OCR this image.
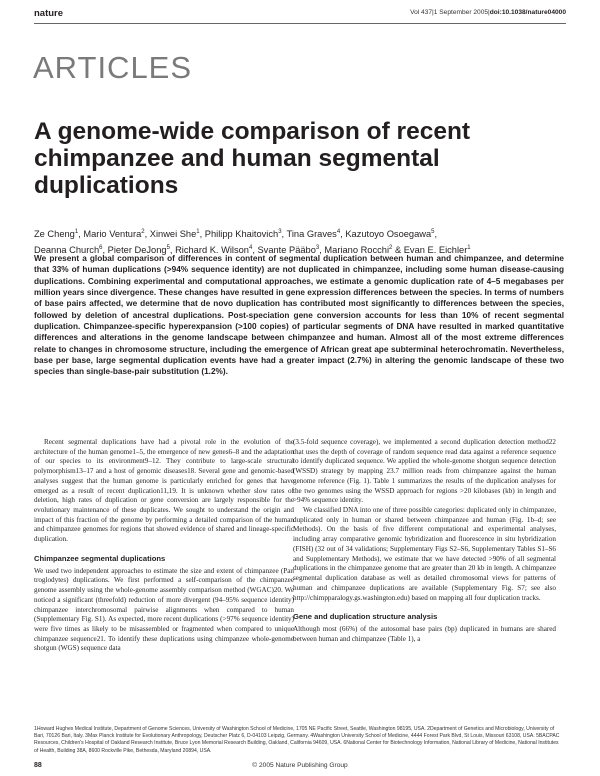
nature	Vol 437|1 September 2005|doi:10.1038/nature04000
ARTICLES
A genome-wide comparison of recent chimpanzee and human segmental duplications
Ze Cheng$^1$, Mario Ventura$^2$, Xinwei She$^1$, Philipp Khaitovich$^3$, Tina Graves$^4$, Kazutoyo Osoegawa$^5$,
Deanna Church$^6$, Pieter DeJong$^5$, Richard K. Wilson$^4$, Svante Pääbo$^3$, Mariano Rocchi$^2$ & Evan E. Eichler$^1$
We present a global comparison of differences in content of segmental duplication between human and chimpanzee, and determine that 33% of human duplications (>94% sequence identity) are not duplicated in chimpanzee, including some human disease-causing duplications. Combining experimental and computational approaches, we estimate a genomic duplication rate of 4–5 megabases per million years since divergence. These changes have resulted in gene expression differences between the species. In terms of numbers of base pairs affected, we determine that de novo duplication has contributed most significantly to differences between the species, followed by deletion of ancestral duplications. Post-speciation gene conversion accounts for less than 10% of recent segmental duplication. Chimpanzee-specific hyperexpansion (>100 copies) of particular segments of DNA have resulted in marked quantitative differences and alterations in the genome landscape between chimpanzee and human. Almost all of the most extreme differences relate to changes in chromosome structure, including the emergence of African great ape subterminal heterochromatin. Nevertheless, base per base, large segmental duplication events have had a greater impact (2.7%) in altering the genomic landscape of these two species than single-base-pair substitution (1.2%).

Recent segmental duplications have had a pivotal role in the evolution of the architecture of the human genome1–5, the emergence of new genes6–8 and the adaptation of our species to its environment9–12. They contribute to large-scale structural polymorphism13–17 and a host of genomic diseases18. Several gene and genomic-based analyses suggest that the human genome is particularly enriched for genes that have emerged as a result of recent duplication11,19. It is unknown whether slow rates of deletion, high rates of duplication or gene conversion are largely responsible for the evolutionary maintenance of these duplicates. We sought to understand the origin and impact of this fraction of the genome by performing a detailed comparison of the human and chimpanzee genomes for regions that showed evidence of shared and lineage-specific duplication.

Chimpanzee segmental duplications

We used two independent approaches to estimate the size and extent of chimpanzee (Pan troglodytes) duplications. We first performed a self-comparison of the chimpanzee genome assembly using the whole-genome assembly comparison method (WGAC)20. We noticed a significant (threefold) reduction of more divergent (94–95% sequence identity) chimpanzee interchromosomal pairwise alignments when compared to human (Supplementary Fig. S1). As expected, more recent duplications (>97% sequence identity) were five times as likely to be misassembled or fragmented when compared to unique chimpanzee sequence21. To identify these duplications using chimpanzee whole-genome shotgun (WGS) sequence data

(3.5-fold sequence coverage), we implemented a second duplication detection method22 that uses the depth of coverage of random sequence read data against a reference sequence to identify duplicated sequence. We applied the whole-genome shotgun sequence detection (WSSD) strategy by mapping 23.7 million reads from chimpanzee against the human genome reference (Fig. 1). Table 1 summarizes the results of the duplication analyses for the two genomes using the WSSD approach for regions >20 kilobases (kb) in length and >94% sequence identity.

We classified DNA into one of three possible categories: duplicated only in chimpanzee, duplicated only in human or shared between chimpanzee and human (Fig. 1b–d; see Methods). On the basis of five different computational and experimental analyses, including array comparative genomic hybridization and fluorescence in situ hybridization (FISH) (32 out of 34 validations; Supplementary Figs S2–S6, Supplementary Tables S1–S6 and Supplementary Methods), we estimate that we have detected >90% of all segmental duplications in the chimpanzee genome that are greater than 20 kb in length. A chimpanzee segmental duplication database as well as detailed chromosomal views for patterns of human and chimpanzee duplications are available (Supplementary Fig. S7; see also http://chimpparalogy.gs.washington.edu) based on mapping all four duplication tracks.

Gene and duplication structure analysis

Although most (66%) of the autosomal base pairs (bp) duplicated in humans are shared between human and chimpanzee (Table 1), a

1Howard Hughes Medical Institute, Department of Genome Sciences, University of Washington School of Medicine, 1705 NE Pacific Street, Seattle, Washington 98195, USA. 2Department of Genetics and Microbiology, University of Bari, 70126 Bari, Italy. 3Max Planck Institute for Evolutionary Anthropology, Deutscher Platz 6, D-04103 Leipzig, Germany. 4Washington University School of Medicine, 4444 Forest Park Blvd, St Louis, Missouri 63108, USA. 5BACPAC Resources, Children's Hospital of Oakland Research Institute, Bruce Lyon Memorial Research Building, Oakland, California 94609, USA. 6National Center for Biotechnology Information, National Library of Medicine, National Institutes of Health, Building 38A, 8600 Rockville Pike, Bethesda, Maryland 20894, USA.
88	© 2005 Nature Publishing Group
